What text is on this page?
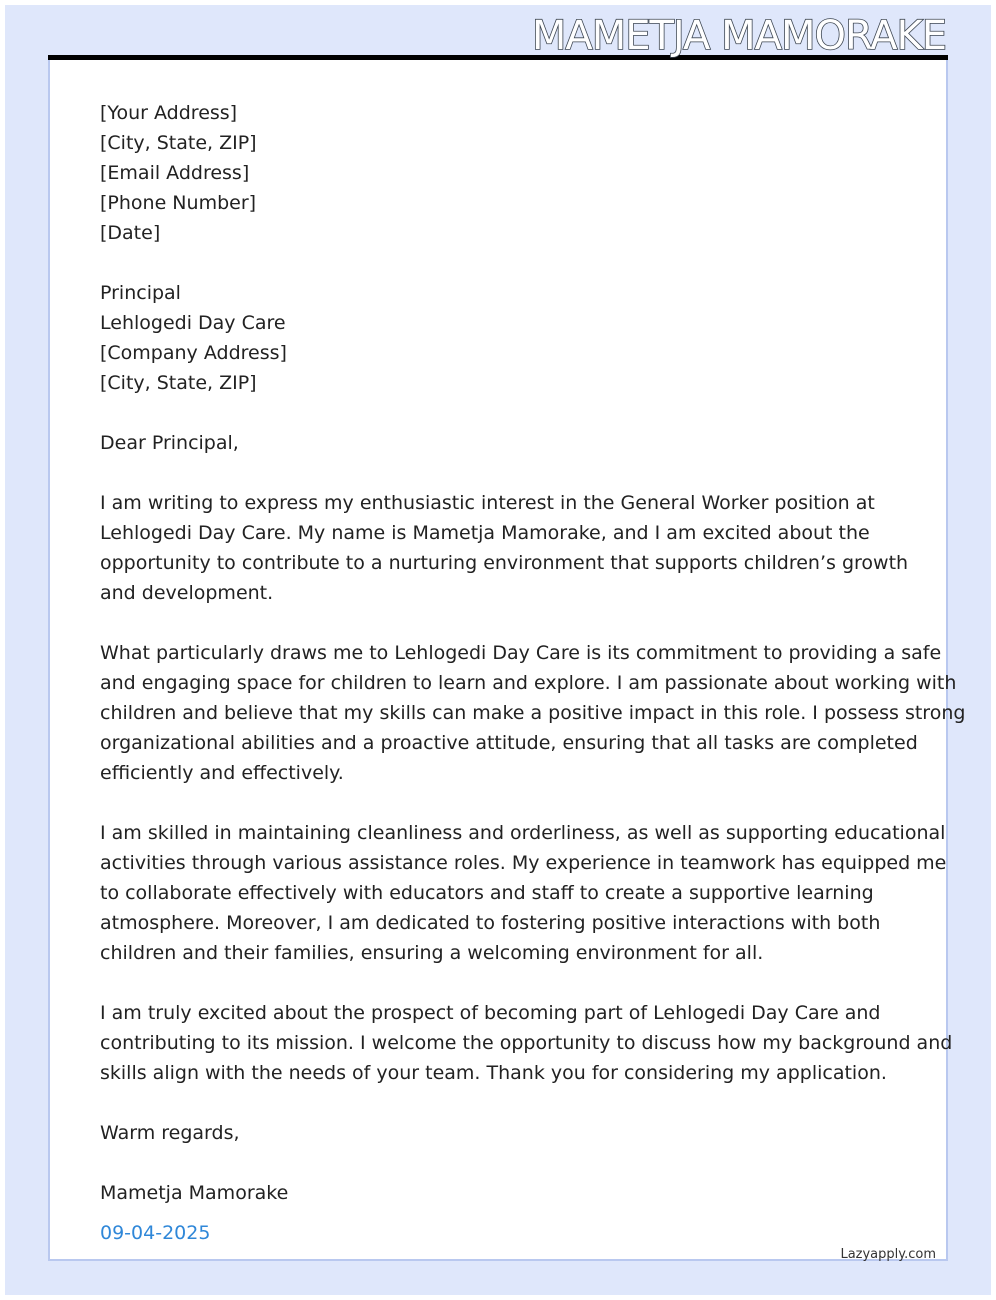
MAMETJA MAMORAKE
[Your Address]
[City, State, ZIP]
[Email Address]
[Phone Number]
[Date]
Principal
Lehlogedi Day Care
[Company Address]
[City, State, ZIP]
Dear Principal,
I am writing to express my enthusiastic interest in the General Worker position at
Lehlogedi Day Care. My name is Mametja Mamorake, and I am excited about the
opportunity to contribute to a nurturing environment that supports children’s growth
and development.
What particularly draws me to Lehlogedi Day Care is its commitment to providing a safe
and engaging space for children to learn and explore. I am passionate about working with
children and believe that my skills can make a positive impact in this role. I possess strong
organizational abilities and a proactive attitude, ensuring that all tasks are completed
efficiently and effectively.
I am skilled in maintaining cleanliness and orderliness, as well as supporting educational
activities through various assistance roles. My experience in teamwork has equipped me
to collaborate effectively with educators and staff to create a supportive learning
atmosphere. Moreover, I am dedicated to fostering positive interactions with both
children and their families, ensuring a welcoming environment for all.
I am truly excited about the prospect of becoming part of Lehlogedi Day Care and
contributing to its mission. I welcome the opportunity to discuss how my background and
skills align with the needs of your team. Thank you for considering my application.
Warm regards,
Mametja Mamorake
09-04-2025
Lazyapply.com
